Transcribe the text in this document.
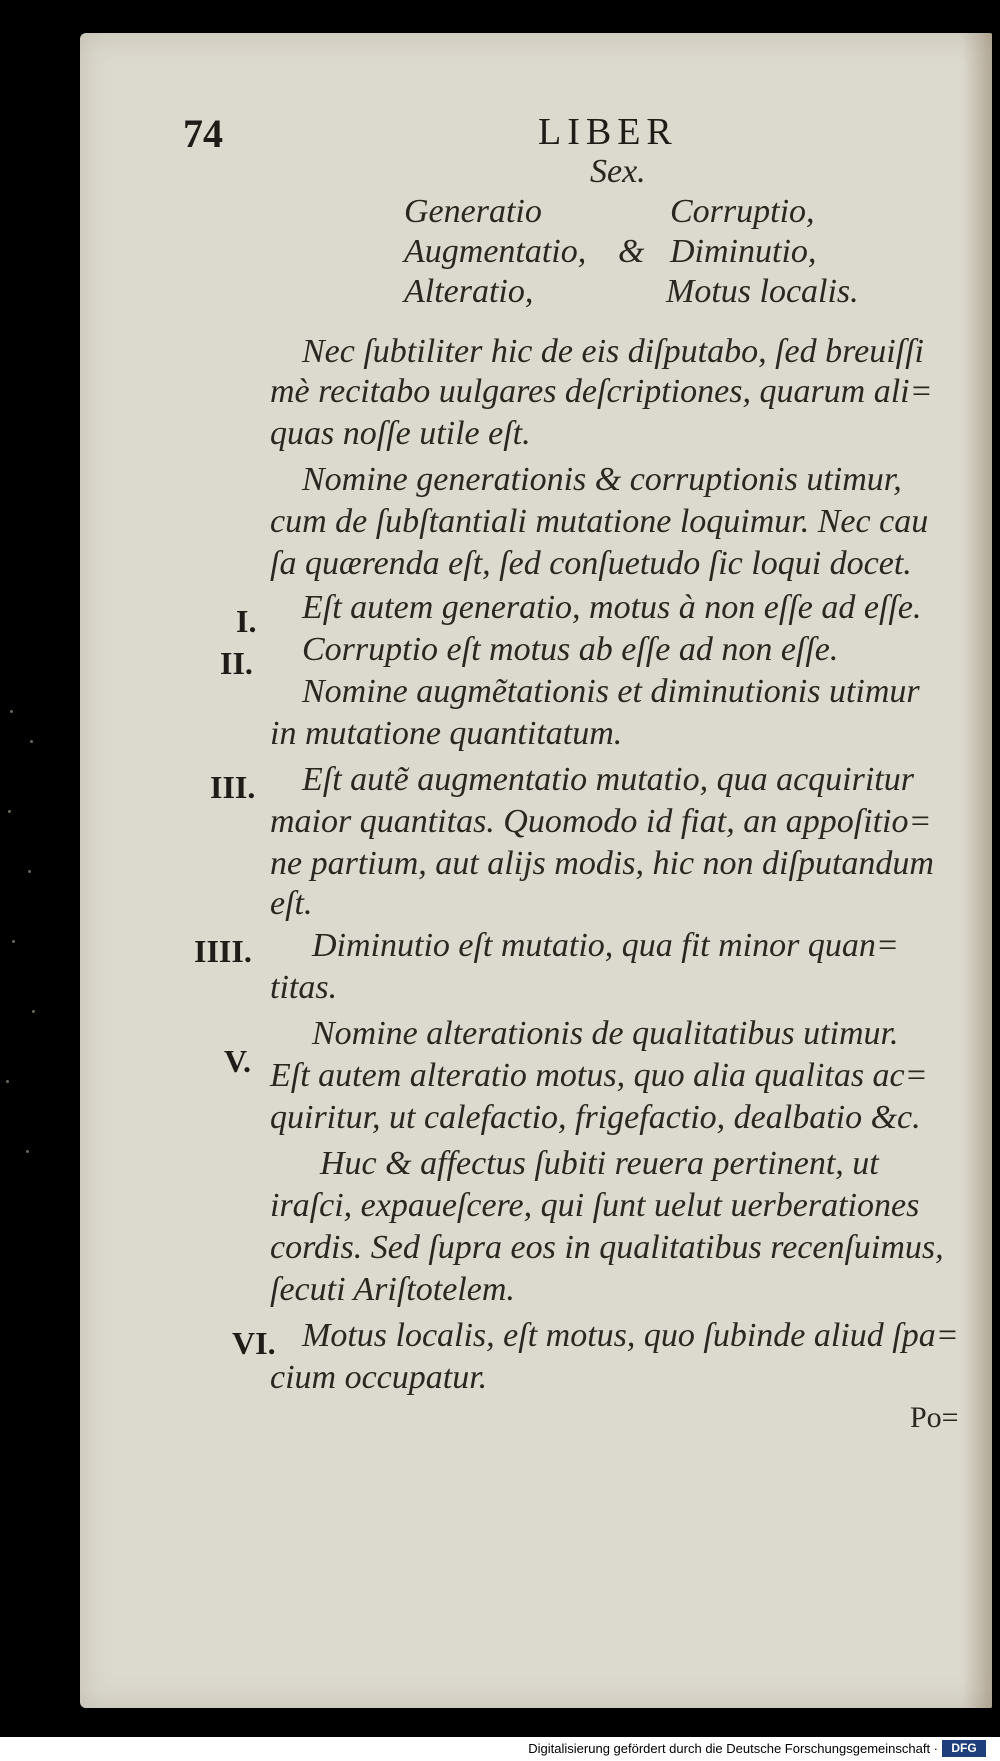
74	LIBER
Sex.
Generatio
Augmentatio,
Alteratio,
&
Corruptio,
Diminutio,
Motus localis.
Nec ſubtiliter hic de eis diſputabo, ſed breuiſſi
mè recitabo uulgares deſcriptiones, quarum ali=
quas noſſe utile eſt.
Nomine generationis & corruptionis utimur,
cum de ſubſtantiali mutatione loquimur. Nec cau
ſa quærenda eſt, ſed conſuetudo ſic loqui docet.
I. Eſt autem generatio, motus à non eſſe ad eſſe.
II. Corruptio eſt motus ab eſſe ad non eſſe.
Nomine augmẽtationis et diminutionis utimur
in mutatione quantitatum.
III. Eſt autẽ augmentatio mutatio, qua acquiritur
maior quantitas. Quomodo id fiat, an appoſitio=
ne partium, aut alijs modis, hic non diſputandum
eſt.
IIII. Diminutio eſt mutatio, qua fit minor quan=
titas.
V.
Nomine alterationis de qualitatibus utimur.
Eſt autem alteratio motus, quo alia qualitas ac=
quiritur, ut calefactio, frigefactio, dealbatio &c.
Huc & affectus ſubiti reuera pertinent, ut
iraſci, expaueſcere, qui ſunt uelut uerberationes
cordis. Sed ſupra eos in qualitatibus recenſuimus,
ſecuti Ariſtotelem.
VI. Motus localis, eſt motus, quo ſubinde aliud ſpa=
cium occupatur.
Po=
Digitalisierung gefördert durch die Deutsche Forschungsgemeinschaft ·	DFG
